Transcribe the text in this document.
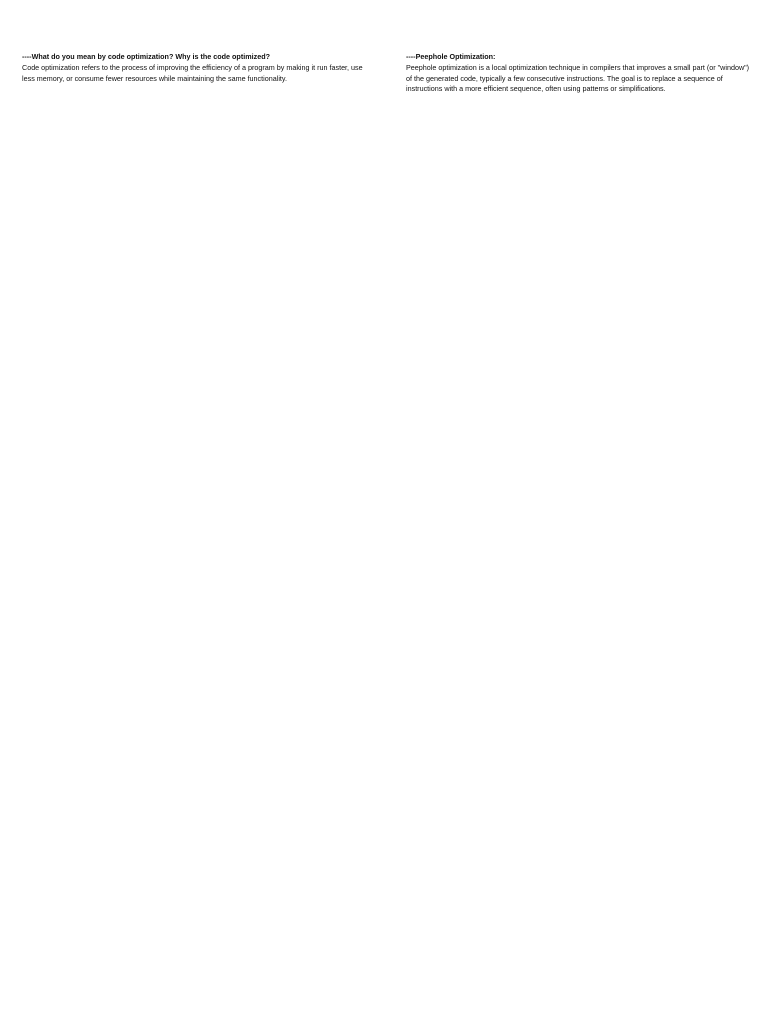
----What do you mean by code optimization? Why is the code optimized?
Code optimization refers to the process of improving the efficiency of a program by making it run faster, use less memory, or consume fewer resources while maintaining the same functionality.

----Peephole Optimization:
Peephole optimization is a local optimization technique in compilers that improves a small part (or "window") of the generated code, typically a few consecutive instructions. The goal is to replace a sequence of instructions with a more efficient sequence, often using patterns or simplifications.
